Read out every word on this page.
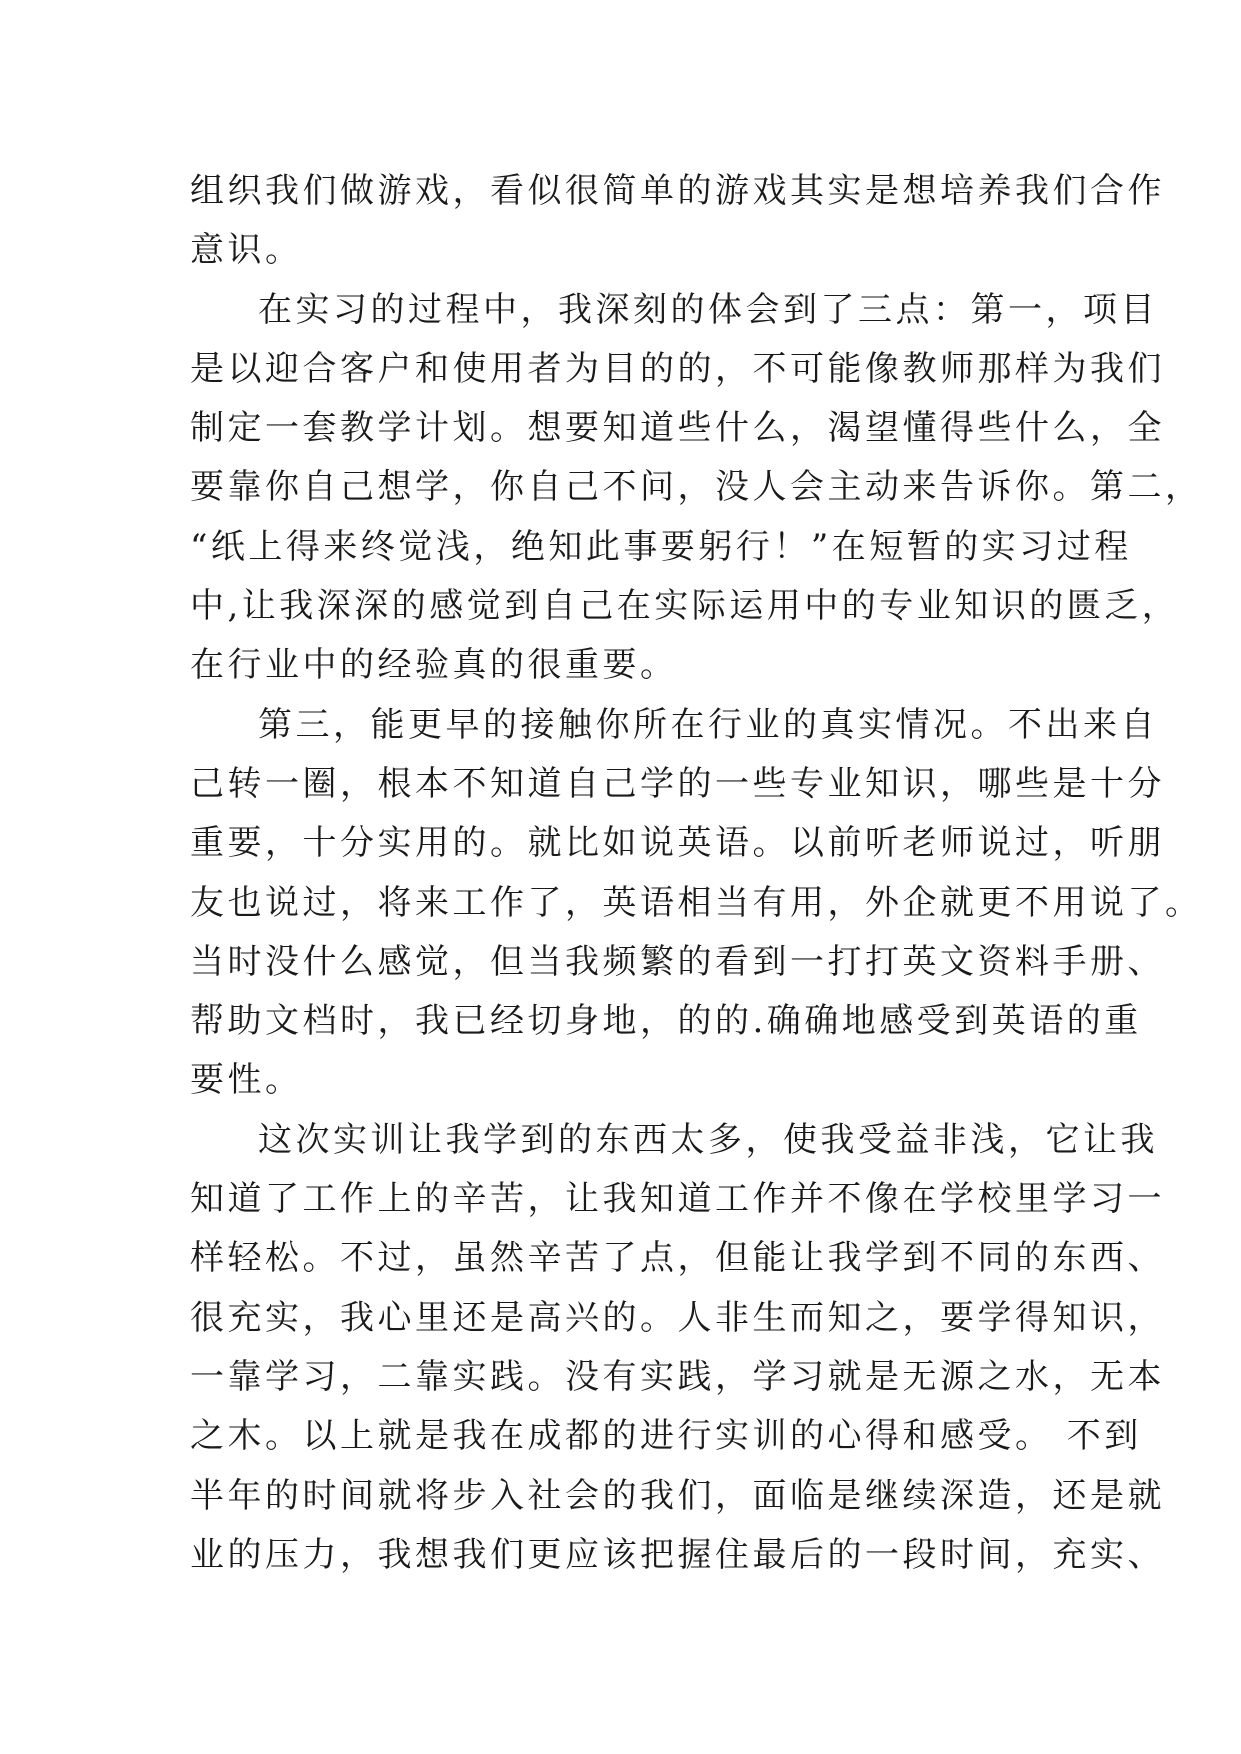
组织我们做游戏，看似很简单的游戏其实是想培养我们合作
意识。
在实习的过程中，我深刻的体会到了三点：第一，项目
是以迎合客户和使用者为目的的，不可能像教师那样为我们
制定一套教学计划。想要知道些什么，渴望懂得些什么，全
要靠你自己想学，你自己不问，没人会主动来告诉你。第二，
“纸上得来终觉浅，绝知此事要躬行！”在短暂的实习过程
中,让我深深的感觉到自己在实际运用中的专业知识的匮乏，
在行业中的经验真的很重要。
第三，能更早的接触你所在行业的真实情况。不出来自
己转一圈，根本不知道自己学的一些专业知识，哪些是十分
重要，十分实用的。就比如说英语。以前听老师说过，听朋
友也说过，将来工作了，英语相当有用，外企就更不用说了。
当时没什么感觉，但当我频繁的看到一打打英文资料手册、
帮助文档时，我已经切身地，的的.确确地感受到英语的重
要性。
这次实训让我学到的东西太多，使我受益非浅，它让我
知道了工作上的辛苦，让我知道工作并不像在学校里学习一
样轻松。不过，虽然辛苦了点，但能让我学到不同的东西、
很充实，我心里还是高兴的。人非生而知之，要学得知识，
一靠学习，二靠实践。没有实践，学习就是无源之水，无本
之木。以上就是我在成都的进行实训的心得和感受。 不到
半年的时间就将步入社会的我们，面临是继续深造，还是就
业的压力，我想我们更应该把握住最后的一段时间，充实、
